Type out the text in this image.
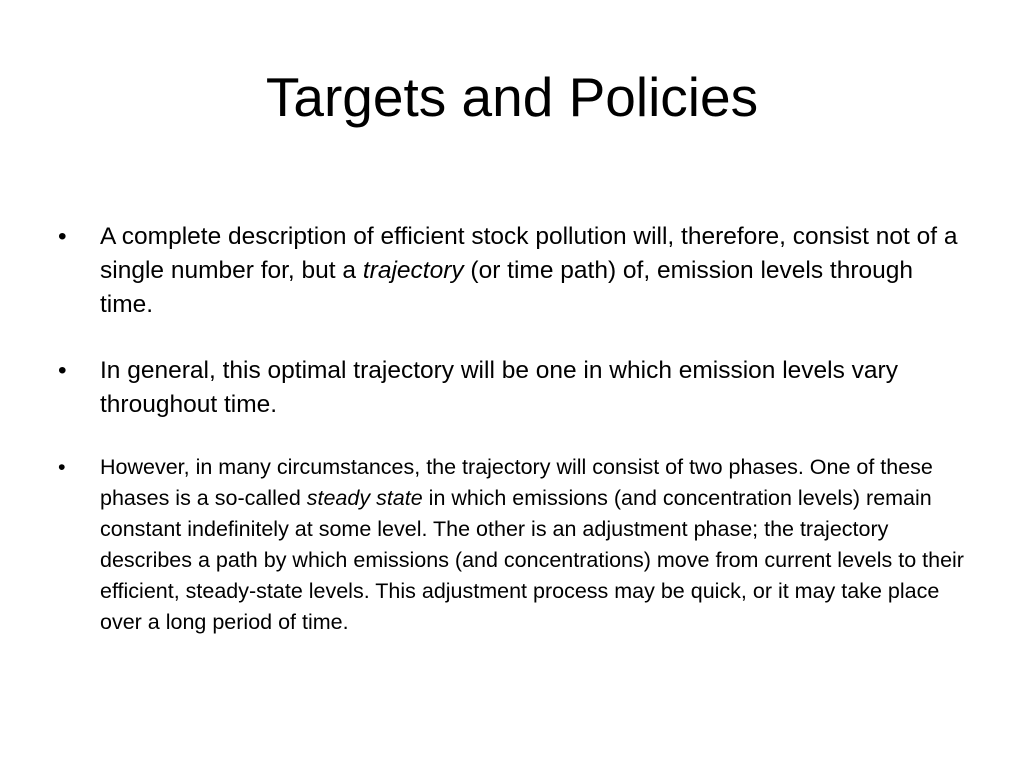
Targets and Policies
• A complete description of efficient stock pollution will, therefore, consist not of a single number for, but a trajectory (or time path) of, emission levels through time.
• In general, this optimal trajectory will be one in which emission levels vary throughout time.
• However, in many circumstances, the trajectory will consist of two phases. One of these phases is a so-called steady state in which emissions (and concentration levels) remain constant indefinitely at some level. The other is an adjustment phase; the trajectory describes a path by which emissions (and concentrations) move from current levels to their efficient, steady-state levels. This adjustment process may be quick, or it may take place over a long period of time.
